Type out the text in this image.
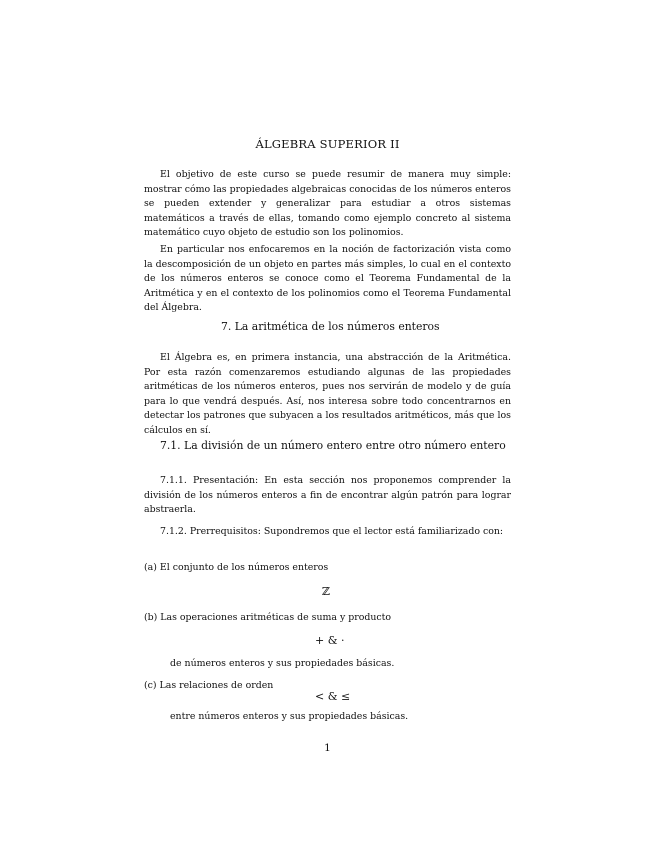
ÁLGEBRA SUPERIOR II

El objetivo de este curso se puede resumir de manera muy simple: mostrar cómo las propiedades algebraicas conocidas de los números enteros se pueden extender y generalizar para estudiar a otros sistemas matemáticos a través de ellas, tomando como ejemplo concreto al sistema matemático cuyo objeto de estudio son los polinomios.

En particular nos enfocaremos en la noción de factorización vista como la descomposición de un objeto en partes más simples, lo cual en el contexto de los números enteros se conoce como el Teorema Fundamental de la Aritmética y en el contexto de los polinomios como el Teorema Fundamental del Álgebra.

7. La aritmética de los números enteros

El Álgebra es, en primera instancia, una abstracción de la Aritmética. Por esta razón comenzaremos estudiando algunas de las propiedades aritméticas de los números enteros, pues nos servirán de modelo y de guía para lo que vendrá después. Así, nos interesa sobre todo concentrarnos en detectar los patrones que subyacen a los resultados aritméticos, más que los cálculos en sí.

7.1. La división de un número entero entre otro número entero

7.1.1. Presentación: En esta sección nos proponemos comprender la división de los números enteros a fin de encontrar algún patrón para lograr abstraerla.

7.1.2. Prerrequisitos: Supondremos que el lector está familiarizado con:

(a) El conjunto de los números enteros
ℤ
(b) Las operaciones aritméticas de suma y producto
+ & ·
de números enteros y sus propiedades básicas.
(c) Las relaciones de orden
< & ≤
entre números enteros y sus propiedades básicas.
1
